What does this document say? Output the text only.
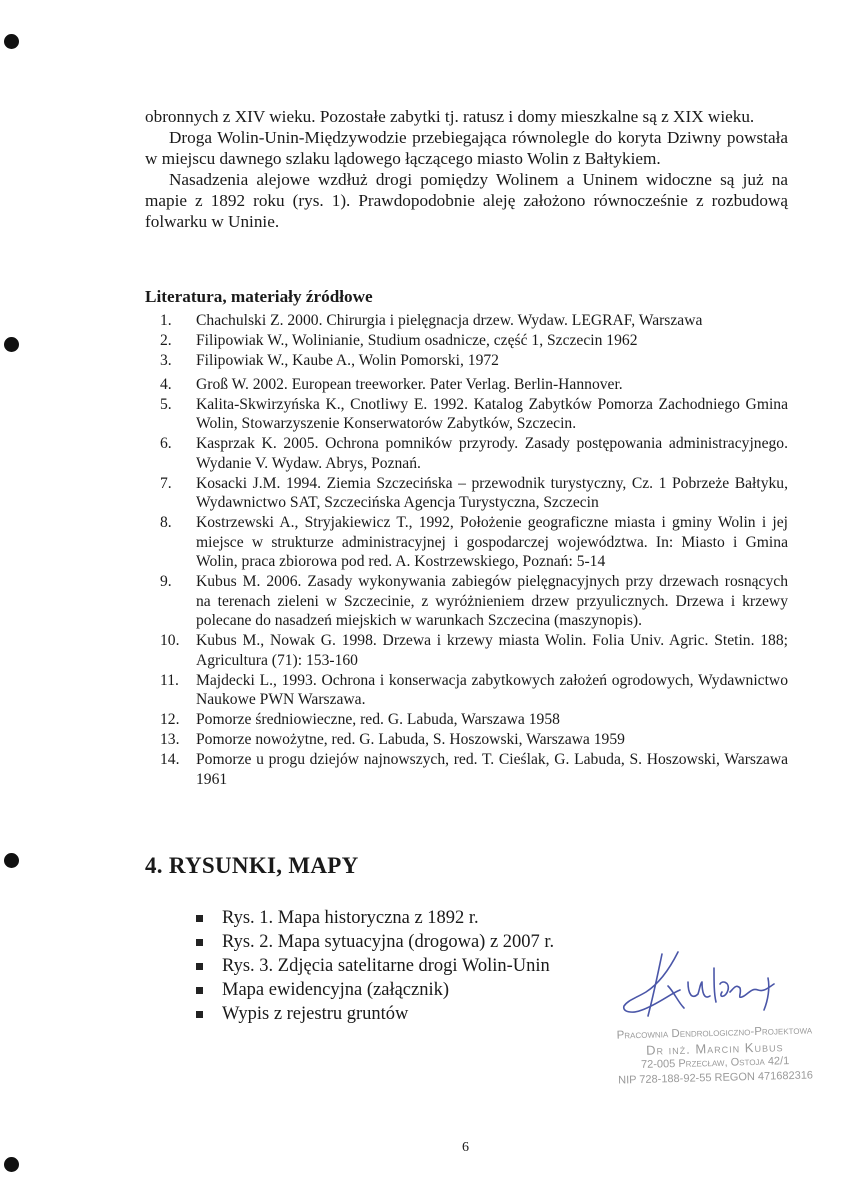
obronnych z XIV wieku. Pozostałe zabytki tj. ratusz i domy mieszkalne są z XIX wieku.

Droga Wolin-Unin-Międzywodzie przebiegająca równolegle do koryta Dziwny powstała w miejscu dawnego szlaku lądowego łączącego miasto Wolin z Bałtykiem.

Nasadzenia alejowe wzdłuż drogi pomiędzy Wolinem a Uninem widoczne są już na mapie z 1892 roku (rys. 1). Prawdopodobnie aleję założono równocześnie z rozbudową folwarku w Uninie.

Literatura, materiały źródłowe
1.	Chachulski Z. 2000. Chirurgia i pielęgnacja drzew. Wydaw. LEGRAF, Warszawa
2.	Filipowiak W., Wolinianie, Studium osadnicze, część 1, Szczecin 1962
3.	Filipowiak W., Kaube A., Wolin Pomorski, 1972
4.	Groß W. 2002. European treeworker. Pater Verlag. Berlin-Hannover.
5.	Kalita-Skwirzyńska K., Cnotliwy E. 1992. Katalog Zabytków Pomorza Zachodniego Gmina Wolin, Stowarzyszenie Konserwatorów Zabytków, Szczecin.
6.	Kasprzak K. 2005. Ochrona pomników przyrody. Zasady postępowania administracyjnego. Wydanie V. Wydaw. Abrys, Poznań.
7.	Kosacki J.M. 1994. Ziemia Szczecińska – przewodnik turystyczny, Cz. 1 Pobrzeże Bałtyku, Wydawnictwo SAT, Szczecińska Agencja Turystyczna, Szczecin
8.	Kostrzewski A., Stryjakiewicz T., 1992, Położenie geograficzne miasta i gminy Wolin i jej miejsce w strukturze administracyjnej i gospodarczej województwa. In: Miasto i Gmina Wolin, praca zbiorowa pod red. A. Kostrzewskiego, Poznań: 5-14
9.	Kubus M. 2006. Zasady wykonywania zabiegów pielęgnacyjnych przy drzewach rosnących na terenach zieleni w Szczecinie, z wyróżnieniem drzew przyulicznych. Drzewa i krzewy polecane do nasadzeń miejskich w warunkach Szczecina (maszynopis).
10.	Kubus M., Nowak G. 1998. Drzewa i krzewy miasta Wolin. Folia Univ. Agric. Stetin. 188; Agricultura (71): 153-160
11.	Majdecki L., 1993. Ochrona i konserwacja zabytkowych założeń ogrodowych, Wydawnictwo Naukowe PWN Warszawa.
12.	Pomorze średniowieczne, red. G. Labuda, Warszawa 1958
13.	Pomorze nowożytne, red. G. Labuda, S. Hoszowski, Warszawa 1959
14.	Pomorze u progu dziejów najnowszych, red. T. Cieślak, G. Labuda, S. Hoszowski, Warszawa 1961
4. RYSUNKI, MAPY
Rys. 1. Mapa historyczna z 1892 r.
Rys. 2. Mapa sytuacyjna (drogowa) z 2007 r.
Rys. 3. Zdjęcia satelitarne drogi Wolin-Unin
Mapa ewidencyjna (załącznik)
Wypis z rejestru gruntów
Pracownia Dendrologiczno-Projektowa
Dr inż. Marcin Kubus
72-005 Przecław, Ostoja 42/1
NIP 728-188-92-55 REGON 471682316
6
